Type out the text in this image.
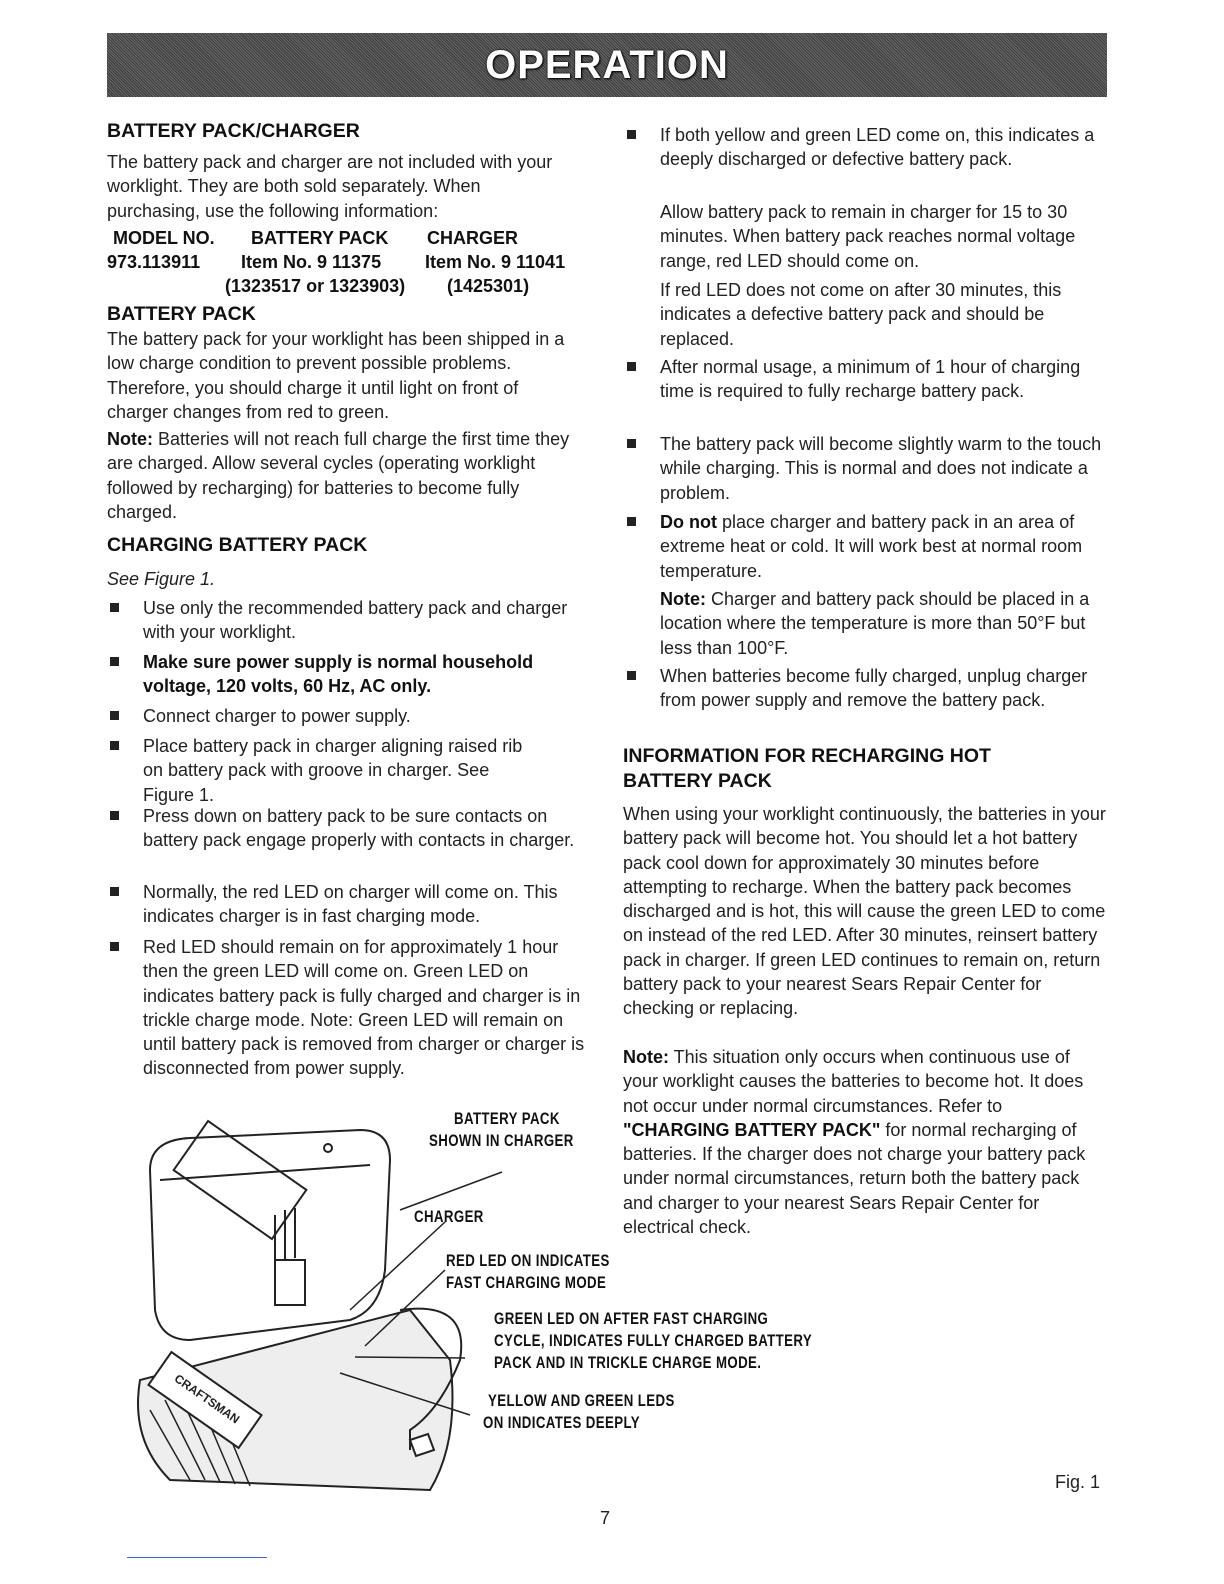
OPERATION
BATTERY PACK/CHARGER
The battery pack and charger are not included with your worklight. They are both sold separately. When purchasing, use the following information:
MODEL NO. BATTERY PACK CHARGER
973.113911 Item No. 9 11375 Item No. 9 11041
(1323517 or 1323903) (1425301)
BATTERY PACK
The battery pack for your worklight has been shipped in a low charge condition to prevent possible problems. Therefore, you should charge it until light on front of charger changes from red to green.
Note: Batteries will not reach full charge the first time they are charged. Allow several cycles (operating worklight followed by recharging) for batteries to become fully charged.
CHARGING BATTERY PACK
See Figure 1.
Use only the recommended battery pack and charger with your worklight.
Make sure power supply is normal household voltage, 120 volts, 60 Hz, AC only.
Connect charger to power supply.
Place battery pack in charger aligning raised rib on battery pack with groove in charger. See Figure 1.
Press down on battery pack to be sure contacts on battery pack engage properly with contacts in charger.
Normally, the red LED on charger will come on. This indicates charger is in fast charging mode.
Red LED should remain on for approximately 1 hour then the green LED will come on. Green LED on indicates battery pack is fully charged and charger is in trickle charge mode. Note: Green LED will remain on until battery pack is removed from charger or charger is disconnected from power supply.
If both yellow and green LED come on, this indicates a deeply discharged or defective battery pack.
Allow battery pack to remain in charger for 15 to 30 minutes. When battery pack reaches normal voltage range, red LED should come on.
If red LED does not come on after 30 minutes, this indicates a defective battery pack and should be replaced.
After normal usage, a minimum of 1 hour of charging time is required to fully recharge battery pack.
The battery pack will become slightly warm to the touch while charging. This is normal and does not indicate a problem.
Do not place charger and battery pack in an area of extreme heat or cold. It will work best at normal room temperature.
Note: Charger and battery pack should be placed in a location where the temperature is more than 50°F but less than 100°F.
When batteries become fully charged, unplug charger from power supply and remove the battery pack.
INFORMATION FOR RECHARGING HOT BATTERY PACK
When using your worklight continuously, the batteries in your battery pack will become hot. You should let a hot battery pack cool down for approximately 30 minutes before attempting to recharge. When the battery pack becomes discharged and is hot, this will cause the green LED to come on instead of the red LED. After 30 minutes, reinsert battery pack in charger. If green LED continues to remain on, return battery pack to your nearest Sears Repair Center for checking or replacing.
Note: This situation only occurs when continuous use of your worklight causes the batteries to become hot. It does not occur under normal circumstances. Refer to "CHARGING BATTERY PACK" for normal recharging of batteries. If the charger does not charge your battery pack under normal circumstances, return both the battery pack and charger to your nearest Sears Repair Center for electrical check.
CRAFTSMAN
BATTERY PACK
SHOWN IN CHARGER
CHARGER
RED LED ON INDICATES
FAST CHARGING MODE
GREEN LED ON AFTER FAST CHARGING
CYCLE, INDICATES FULLY CHARGED BATTERY
PACK AND IN TRICKLE CHARGE MODE.
YELLOW AND GREEN LEDS
ON INDICATES DEEPLY
Fig. 1
7
